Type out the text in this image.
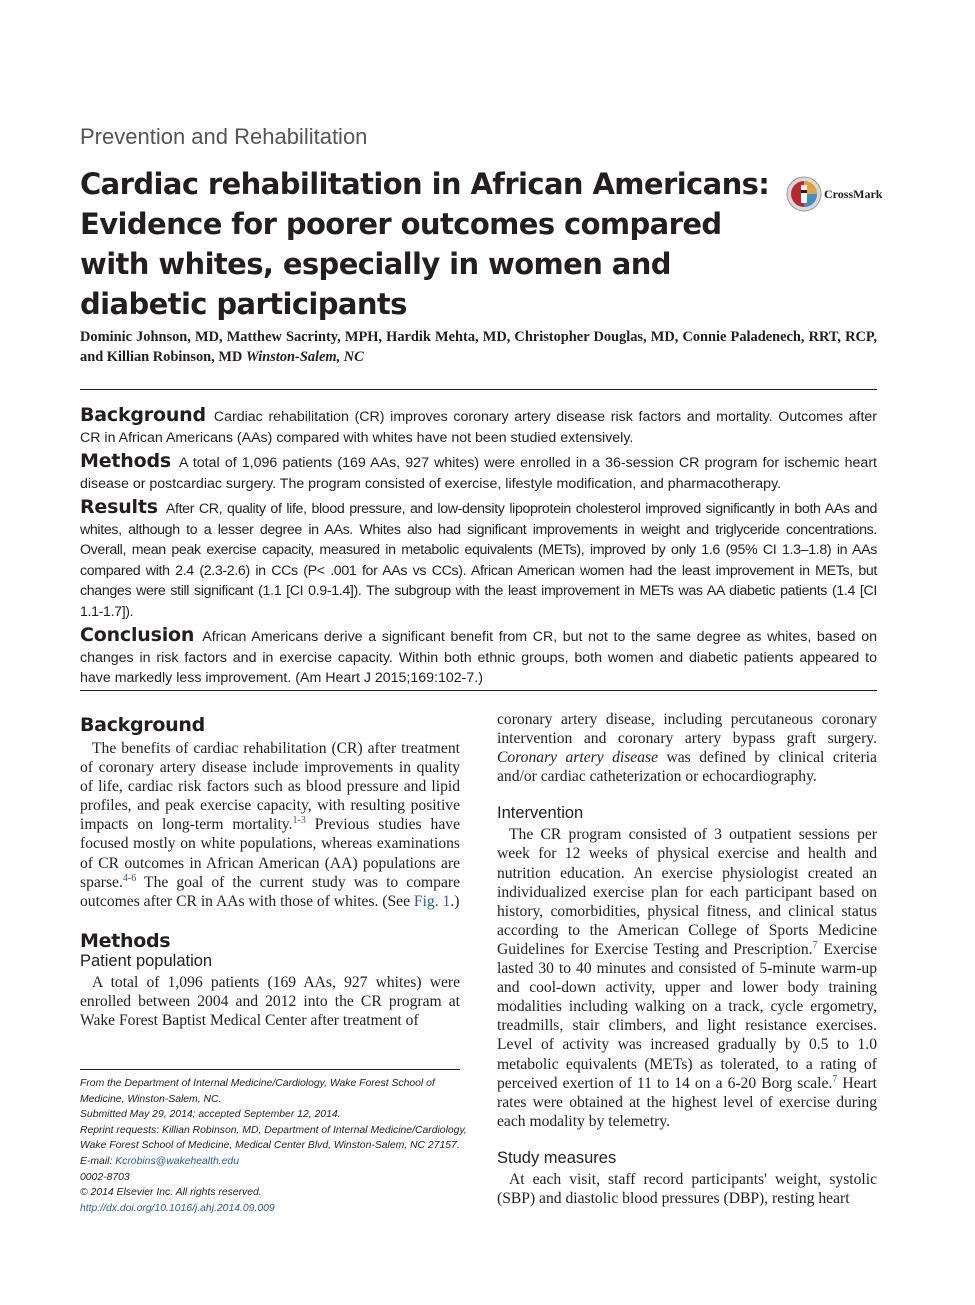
Prevention and Rehabilitation
Cardiac rehabilitation in African Americans: Evidence for poorer outcomes compared with whites, especially in women and diabetic participants
CrossMark
Dominic Johnson, MD, Matthew Sacrinty, MPH, Hardik Mehta, MD, Christopher Douglas, MD, Connie Paladenech, RRT, RCP, and Killian Robinson, MD Winston-Salem, NC

Background Cardiac rehabilitation (CR) improves coronary artery disease risk factors and mortality. Outcomes after CR in African Americans (AAs) compared with whites have not been studied extensively.

Methods A total of 1,096 patients (169 AAs, 927 whites) were enrolled in a 36-session CR program for ischemic heart disease or postcardiac surgery. The program consisted of exercise, lifestyle modification, and pharmacotherapy.

Results After CR, quality of life, blood pressure, and low-density lipoprotein cholesterol improved significantly in both AAs and whites, although to a lesser degree in AAs. Whites also had significant improvements in weight and triglyceride concentrations. Overall, mean peak exercise capacity, measured in metabolic equivalents (METs), improved by only 1.6 (95% CI 1.3–1.8) in AAs compared with 2.4 (2.3-2.6) in CCs (P< .001 for AAs vs CCs). African American women had the least improvement in METs, but changes were still significant (1.1 [CI 0.9-1.4]). The subgroup with the least improvement in METs was AA diabetic patients (1.4 [CI 1.1-1.7]).

Conclusion African Americans derive a significant benefit from CR, but not to the same degree as whites, based on changes in risk factors and in exercise capacity. Within both ethnic groups, both women and diabetic patients appeared to have markedly less improvement. (Am Heart J 2015;169:102-7.)

Background

The benefits of cardiac rehabilitation (CR) after treatment of coronary artery disease include improvements in quality of life, cardiac risk factors such as blood pressure and lipid profiles, and peak exercise capacity, with resulting positive impacts on long-term mortality.$^{1-3}$ Previous studies have focused mostly on white populations, whereas examinations of CR outcomes in African American (AA) populations are sparse.$^{4-6}$ The goal of the current study was to compare outcomes after CR in AAs with those of whites. (See Fig. 1.)

Methods
Patient population

A total of 1,096 patients (169 AAs, 927 whites) were enrolled between 2004 and 2012 into the CR program at Wake Forest Baptist Medical Center after treatment of

coronary artery disease, including percutaneous coronary intervention and coronary artery bypass graft surgery. Coronary artery disease was defined by clinical criteria and/or cardiac catheterization or echocardiography.

Intervention

The CR program consisted of 3 outpatient sessions per week for 12 weeks of physical exercise and health and nutrition education. An exercise physiologist created an individualized exercise plan for each participant based on history, comorbidities, physical fitness, and clinical status according to the American College of Sports Medicine Guidelines for Exercise Testing and Prescription.$^7$ Exercise lasted 30 to 40 minutes and consisted of 5-minute warm-up and cool-down activity, upper and lower body training modalities including walking on a track, cycle ergometry, treadmills, stair climbers, and light resistance exercises. Level of activity was increased gradually by 0.5 to 1.0 metabolic equivalents (METs) as tolerated, to a rating of perceived exertion of 11 to 14 on a 6-20 Borg scale.$^7$ Heart rates were obtained at the highest level of exercise during each modality by telemetry.

Study measures

At each visit, staff record participants' weight, systolic (SBP) and diastolic blood pressures (DBP), resting heart

From the Department of Internal Medicine/Cardiology, Wake Forest School of Medicine, Winston-Salem, NC.
Submitted May 29, 2014; accepted September 12, 2014.
Reprint requests: Killian Robinson, MD, Department of Internal Medicine/Cardiology, Wake Forest School of Medicine, Medical Center Blvd, Winston-Salem, NC 27157.
E-mail: Kcrobins@wakehealth.edu
0002-8703
© 2014 Elsevier Inc. All rights reserved.
http://dx.doi.org/10.1016/j.ahj.2014.09.009
